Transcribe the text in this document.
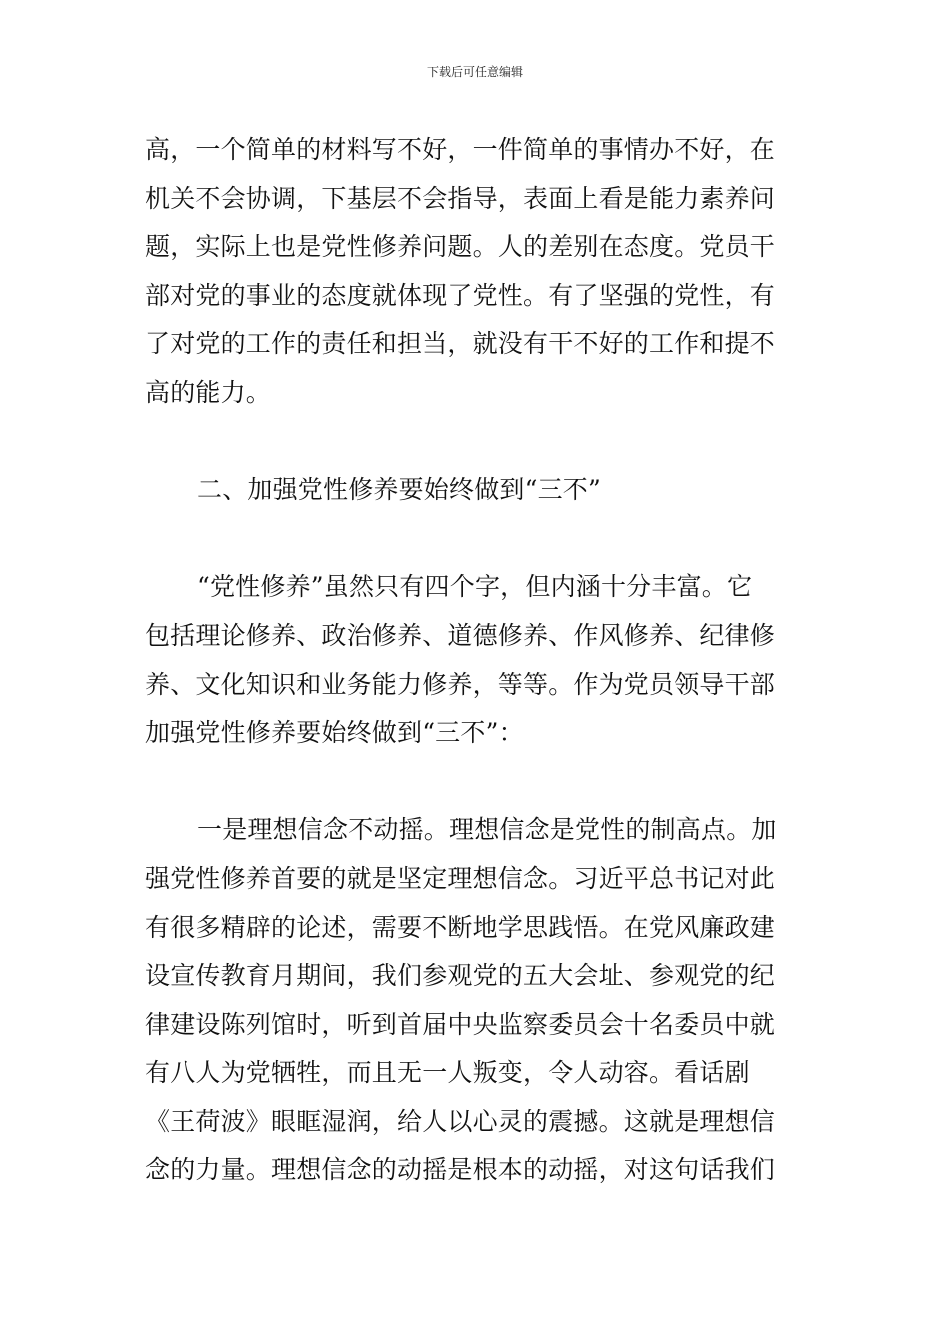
下载后可任意编辑
高，一个简单的材料写不好，一件简单的事情办不好，在
机关不会协调，下基层不会指导，表面上看是能力素养问
题，实际上也是党性修养问题。人的差别在态度。党员干
部对党的事业的态度就体现了党性。有了坚强的党性，有
了对党的工作的责任和担当，就没有干不好的工作和提不
高的能力。
二、加强党性修养要始终做到“三不”
“党性修养”虽然只有四个字，但内涵十分丰富。它
包括理论修养、政治修养、道德修养、作风修养、纪律修
养、文化知识和业务能力修养，等等。作为党员领导干部
加强党性修养要始终做到“三不”：
一是理想信念不动摇。理想信念是党性的制高点。加
强党性修养首要的就是坚定理想信念。习近平总书记对此
有很多精辟的论述，需要不断地学思践悟。在党风廉政建
设宣传教育月期间，我们参观党的五大会址、参观党的纪
律建设陈列馆时，听到首届中央监察委员会十名委员中就
有八人为党牺牲，而且无一人叛变，令人动容。看话剧
《王荷波》眼眶湿润，给人以心灵的震撼。这就是理想信
念的力量。理想信念的动摇是根本的动摇，对这句话我们
